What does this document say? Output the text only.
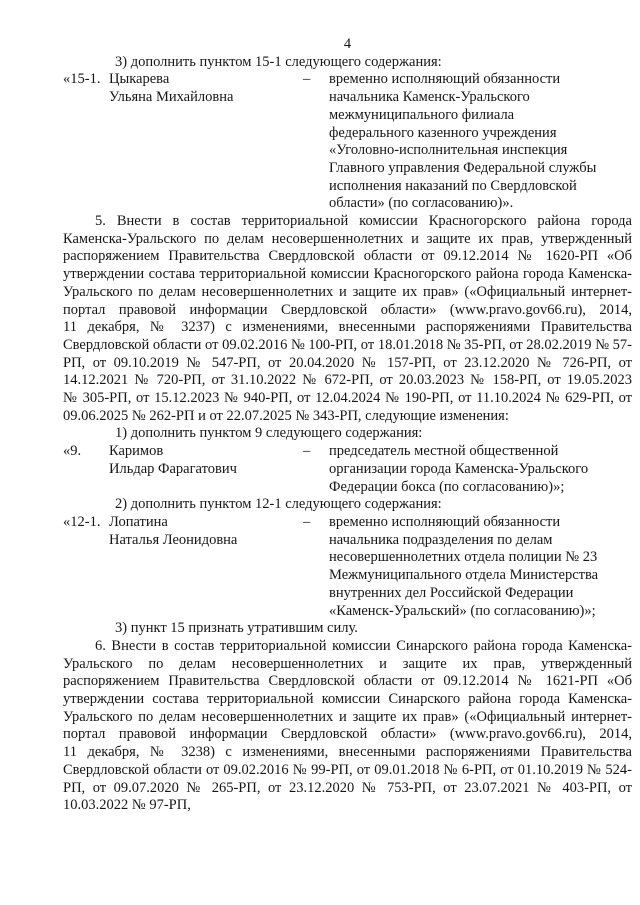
4
3) дополнить пунктом 15-1 следующего содержания:
«15-1. Цыкарева
Ульяна Михайловна
–	временно исполняющий обязанности
начальника Каменск-Уральского
межмуниципального филиала
федерального казенного учреждения
«Уголовно-исполнительная инспекция
Главного управления Федеральной службы
исполнения наказаний по Свердловской
области» (по согласованию)».
5. Внести в состав территориальной комиссии Красногорского района города Каменска-Уральского по делам несовершеннолетних и защите их прав, утвержденный распоряжением Правительства Свердловской области от 09.12.2014 № 1620-РП «Об утверждении состава территориальной комиссии Красногорского района города Каменска-Уральского по делам несовершеннолетних и защите их прав» («Официальный интернет-портал правовой информации Свердловской области» (www.pravo.gov66.ru), 2014, 11 декабря, № 3237) с изменениями, внесенными распоряжениями Правительства Свердловской области от 09.02.2016 № 100-РП, от 18.01.2018 № 35-РП, от 28.02.2019 № 57-РП, от 09.10.2019 № 547-РП, от 20.04.2020 № 157-РП, от 23.12.2020 № 726-РП, от 14.12.2021 № 720-РП, от 31.10.2022 № 672-РП, от 20.03.2023 № 158-РП, от 19.05.2023 № 305-РП, от 15.12.2023 № 940-РП, от 12.04.2024 № 190-РП, от 11.10.2024 № 629-РП, от 09.06.2025 № 262-РП и от 22.07.2025 № 343-РП, следующие изменения:
1) дополнить пунктом 9 следующего содержания:
«9.	Каримов
Ильдар Фарагатович
–	председатель местной общественной
организации города Каменска-Уральского
Федерации бокса (по согласованию)»;
2) дополнить пунктом 12-1 следующего содержания:
«12-1. Лопатина
Наталья Леонидовна
–	временно исполняющий обязанности
начальника подразделения по делам
несовершеннолетних отдела полиции № 23
Межмуниципального отдела Министерства
внутренних дел Российской Федерации
«Каменск-Уральский» (по согласованию)»;
3) пункт 15 признать утратившим силу.
6. Внести в состав территориальной комиссии Синарского района города Каменска-Уральского по делам несовершеннолетних и защите их прав, утвержденный распоряжением Правительства Свердловской области от 09.12.2014 № 1621-РП «Об утверждении состава территориальной комиссии Синарского района города Каменска-Уральского по делам несовершеннолетних и защите их прав» («Официальный интернет-портал правовой информации Свердловской области» (www.pravo.gov66.ru), 2014, 11 декабря, № 3238) с изменениями, внесенными распоряжениями Правительства Свердловской области от 09.02.2016 № 99-РП, от 09.01.2018 № 6-РП, от 01.10.2019 № 524-РП, от 09.07.2020 № 265-РП, от 23.12.2020 № 753-РП, от 23.07.2021 № 403-РП, от 10.03.2022 № 97-РП,
